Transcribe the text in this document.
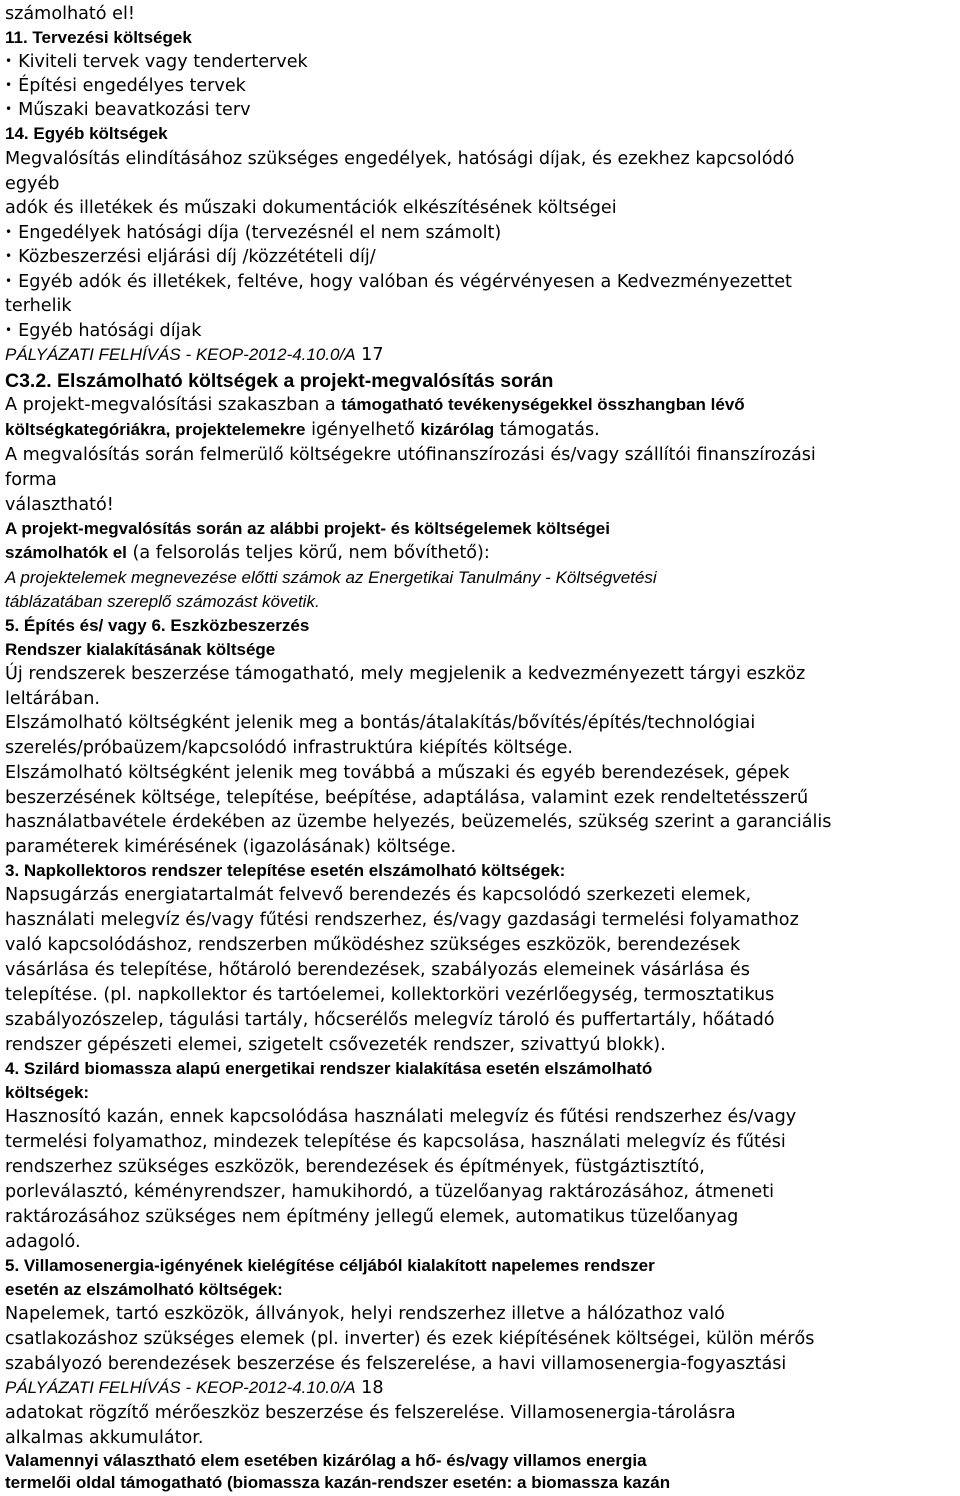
számolható el!
11. Tervezési költségek
• Kiviteli tervek vagy tendertervek
• Építési engedélyes tervek
• Műszaki beavatkozási terv
14. Egyéb költségek
Megvalósítás elindításához szükséges engedélyek, hatósági díjak, és ezekhez kapcsolódó
egyéb
adók és illetékek és műszaki dokumentációk elkészítésének költségei
• Engedélyek hatósági díja (tervezésnél el nem számolt)
• Közbeszerzési eljárási díj /közzétételi díj/
• Egyéb adók és illetékek, feltéve, hogy valóban és végérvényesen a Kedvezményezettet
terhelik
• Egyéb hatósági díjak
PÁLYÁZATI FELHÍVÁS - KEOP-2012-4.10.0/A 17
C3.2. Elszámolható költségek a projekt-megvalósítás során
A projekt-megvalósítási szakaszban a támogatható tevékenységekkel összhangban lévő
költségkategóriákra, projektelemekre igényelhető kizárólag támogatás.
A megvalósítás során felmerülő költségekre utófinanszírozási és/vagy szállítói finanszírozási
forma
választható!
A projekt-megvalósítás során az alábbi projekt- és költségelemek költségei
számolhatók el (a felsorolás teljes körű, nem bővíthető):
A projektelemek megnevezése előtti számok az Energetikai Tanulmány - Költségvetési
táblázatában szereplő számozást követik.
5. Építés és/ vagy 6. Eszközbeszerzés
Rendszer kialakításának költsége
Új rendszerek beszerzése támogatható, mely megjelenik a kedvezményezett tárgyi eszköz
leltárában.
Elszámolható költségként jelenik meg a bontás/átalakítás/bővítés/építés/technológiai
szerelés/próbaüzem/kapcsolódó infrastruktúra kiépítés költsége.
Elszámolható költségként jelenik meg továbbá a műszaki és egyéb berendezések, gépek
beszerzésének költsége, telepítése, beépítése, adaptálása, valamint ezek rendeltetésszerű
használatbavétele érdekében az üzembe helyezés, beüzemelés, szükség szerint a garanciális
paraméterek kimérésének (igazolásának) költsége.
3. Napkollektoros rendszer telepítése esetén elszámolható költségek:
Napsugárzás energiatartalmát felvevő berendezés és kapcsolódó szerkezeti elemek,
használati melegvíz és/vagy fűtési rendszerhez, és/vagy gazdasági termelési folyamathoz
való kapcsolódáshoz, rendszerben működéshez szükséges eszközök, berendezések
vásárlása és telepítése, hőtároló berendezések, szabályozás elemeinek vásárlása és
telepítése. (pl. napkollektor és tartóelemei, kollektorköri vezérlőegység, termosztatikus
szabályozószelep, tágulási tartály, hőcserélős melegvíz tároló és puffertartály, hőátadó
rendszer gépészeti elemei, szigetelt csővezeték rendszer, szivattyú blokk).
4. Szilárd biomassza alapú energetikai rendszer kialakítása esetén elszámolható
költségek:
Hasznosító kazán, ennek kapcsolódása használati melegvíz és fűtési rendszerhez és/vagy
termelési folyamathoz, mindezek telepítése és kapcsolása, használati melegvíz és fűtési
rendszerhez szükséges eszközök, berendezések és építmények, füstgáztisztító,
porleválasztó, kéményrendszer, hamukihordó, a tüzelőanyag raktározásához, átmeneti
raktározásához szükséges nem építmény jellegű elemek, automatikus tüzelőanyag
adagoló.
5. Villamosenergia-igényének kielégítése céljából kialakított napelemes rendszer
esetén az elszámolható költségek:
Napelemek, tartó eszközök, állványok, helyi rendszerhez illetve a hálózathoz való
csatlakozáshoz szükséges elemek (pl. inverter) és ezek kiépítésének költségei, külön mérős
szabályozó berendezések beszerzése és felszerelése, a havi villamosenergia-fogyasztási
PÁLYÁZATI FELHÍVÁS - KEOP-2012-4.10.0/A 18
adatokat rögzítő mérőeszköz beszerzése és felszerelése. Villamosenergia-tárolásra
alkalmas akkumulátor.
Valamennyi választható elem esetében kizárólag a hő- és/vagy villamos energia
termelői oldal támogatható (biomassza kazán-rendszer esetén: a biomassza kazán
